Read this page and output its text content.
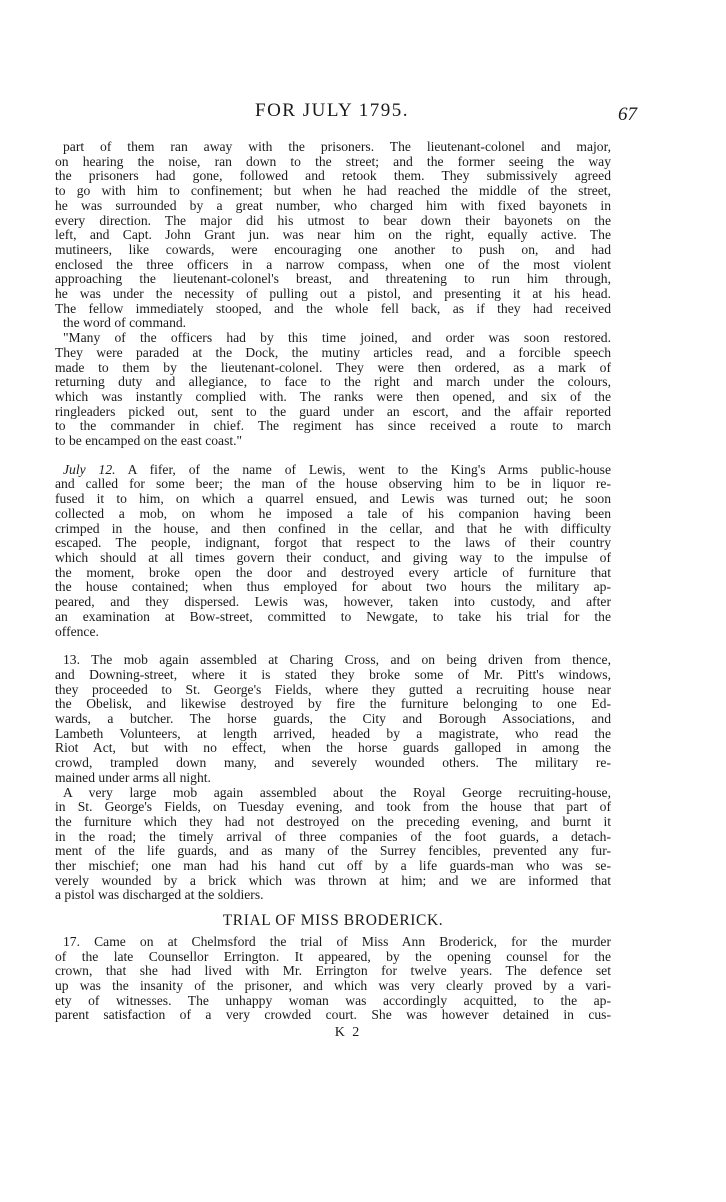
FOR JULY 1795.	67

part of them ran away with the prisoners. The lieutenant-colonel and major,
on hearing the noise, ran down to the street; and the former seeing the way
the prisoners had gone, followed and retook them. They submissively agreed
to go with him to confinement; but when he had reached the middle of the street,
he was surrounded by a great number, who charged him with fixed bayonets in
every direction. The major did his utmost to bear down their bayonets on the
left, and Capt. John Grant jun. was near him on the right, equally active. The
mutineers, like cowards, were encouraging one another to push on, and had
enclosed the three officers in a narrow compass, when one of the most violent
approaching the lieutenant-colonel's breast, and threatening to run him through,
he was under the necessity of pulling out a pistol, and presenting it at his head.
The fellow immediately stooped, and the whole fell back, as if they had received

the word of command.

"Many of the officers had by this time joined, and order was soon restored.
They were paraded at the Dock, the mutiny articles read, and a forcible speech
made to them by the lieutenant-colonel. They were then ordered, as a mark of
returning duty and allegiance, to face to the right and march under the colours,
which was instantly complied with. The ranks were then opened, and six of the
ringleaders picked out, sent to the guard under an escort, and the affair reported
to the commander in chief. The regiment has since received a route to march

to be encamped on the east coast."

July 12. A fifer, of the name of Lewis, went to the King's Arms public-house
and called for some beer; the man of the house observing him to be in liquor re-
fused it to him, on which a quarrel ensued, and Lewis was turned out; he soon
collected a mob, on whom he imposed a tale of his companion having been
crimped in the house, and then confined in the cellar, and that he with difficulty
escaped. The people, indignant, forgot that respect to the laws of their country
which should at all times govern their conduct, and giving way to the impulse of
the moment, broke open the door and destroyed every article of furniture that
the house contained; when thus employed for about two hours the military ap-
peared, and they dispersed. Lewis was, however, taken into custody, and after
an examination at Bow-street, committed to Newgate, to take his trial for the

offence.

13. The mob again assembled at Charing Cross, and on being driven from thence,
and Downing-street, where it is stated they broke some of Mr. Pitt's windows,
they proceeded to St. George's Fields, where they gutted a recruiting house near
the Obelisk, and likewise destroyed by fire the furniture belonging to one Ed-
wards, a butcher. The horse guards, the City and Borough Associations, and
Lambeth Volunteers, at length arrived, headed by a magistrate, who read the
Riot Act, but with no effect, when the horse guards galloped in among the
crowd, trampled down many, and severely wounded others. The military re-

mained under arms all night.

A very large mob again assembled about the Royal George recruiting-house,
in St. George's Fields, on Tuesday evening, and took from the house that part of
the furniture which they had not destroyed on the preceding evening, and burnt it
in the road; the timely arrival of three companies of the foot guards, a detach-
ment of the life guards, and as many of the Surrey fencibles, prevented any fur-
ther mischief; one man had his hand cut off by a life guards-man who was se-
verely wounded by a brick which was thrown at him; and we are informed that

a pistol was discharged at the soldiers.

TRIAL OF MISS BRODERICK.

17. Came on at Chelmsford the trial of Miss Ann Broderick, for the murder
of the late Counsellor Errington. It appeared, by the opening counsel for the
crown, that she had lived with Mr. Errington for twelve years. The defence set
up was the insanity of the prisoner, and which was very clearly proved by a vari-
ety of witnesses. The unhappy woman was accordingly acquitted, to the ap-
parent satisfaction of a very crowded court. She was however detained in cus-

K 2
